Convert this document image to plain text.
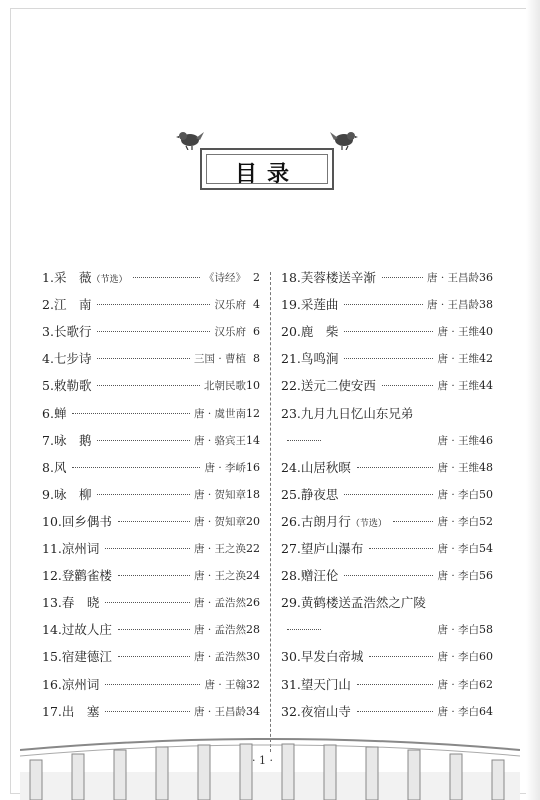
目录
1.采　薇（节选）	《诗经》 2
2.江　南	汉乐府 4
3.长歌行	汉乐府 6
4.七步诗	三国 · 曹植 8
5.敕勒歌	北朝民歌 10
6.蝉	唐 · 虞世南 12
7.咏　鹅	唐 · 骆宾王 14
8.风	唐 · 李峤 16
9.咏　柳	唐 · 贺知章 18
10.回乡偶书	唐 · 贺知章 20
11.凉州词	唐 · 王之涣 22
12.登鹳雀楼	唐 · 王之涣 24
13.春　晓	唐 · 孟浩然 26
14.过故人庄	唐 · 孟浩然 28
15.宿建德江	唐 · 孟浩然 30
16.凉州词	唐 · 王翰 32
17.出　塞	唐 · 王昌龄 34
18.芙蓉楼送辛渐	唐 · 王昌龄 36
19.采莲曲	唐 · 王昌龄 38
20.鹿　柴	唐 · 王维 40
21.鸟鸣涧	唐 · 王维 42
22.送元二使安西	唐 · 王维 44
23.九月九日忆山东兄弟
唐 · 王维 46
24.山居秋暝	唐 · 王维 48
25.静夜思	唐 · 李白 50
26.古朗月行（节选）	唐 · 李白 52
27.望庐山瀑布	唐 · 李白 54
28.赠汪伦	唐 · 李白 56
29.黄鹤楼送孟浩然之广陵
唐 · 李白 58
30.早发白帝城	唐 · 李白 60
31.望天门山	唐 · 李白 62
32.夜宿山寺	唐 · 李白 64
· 1 ·
